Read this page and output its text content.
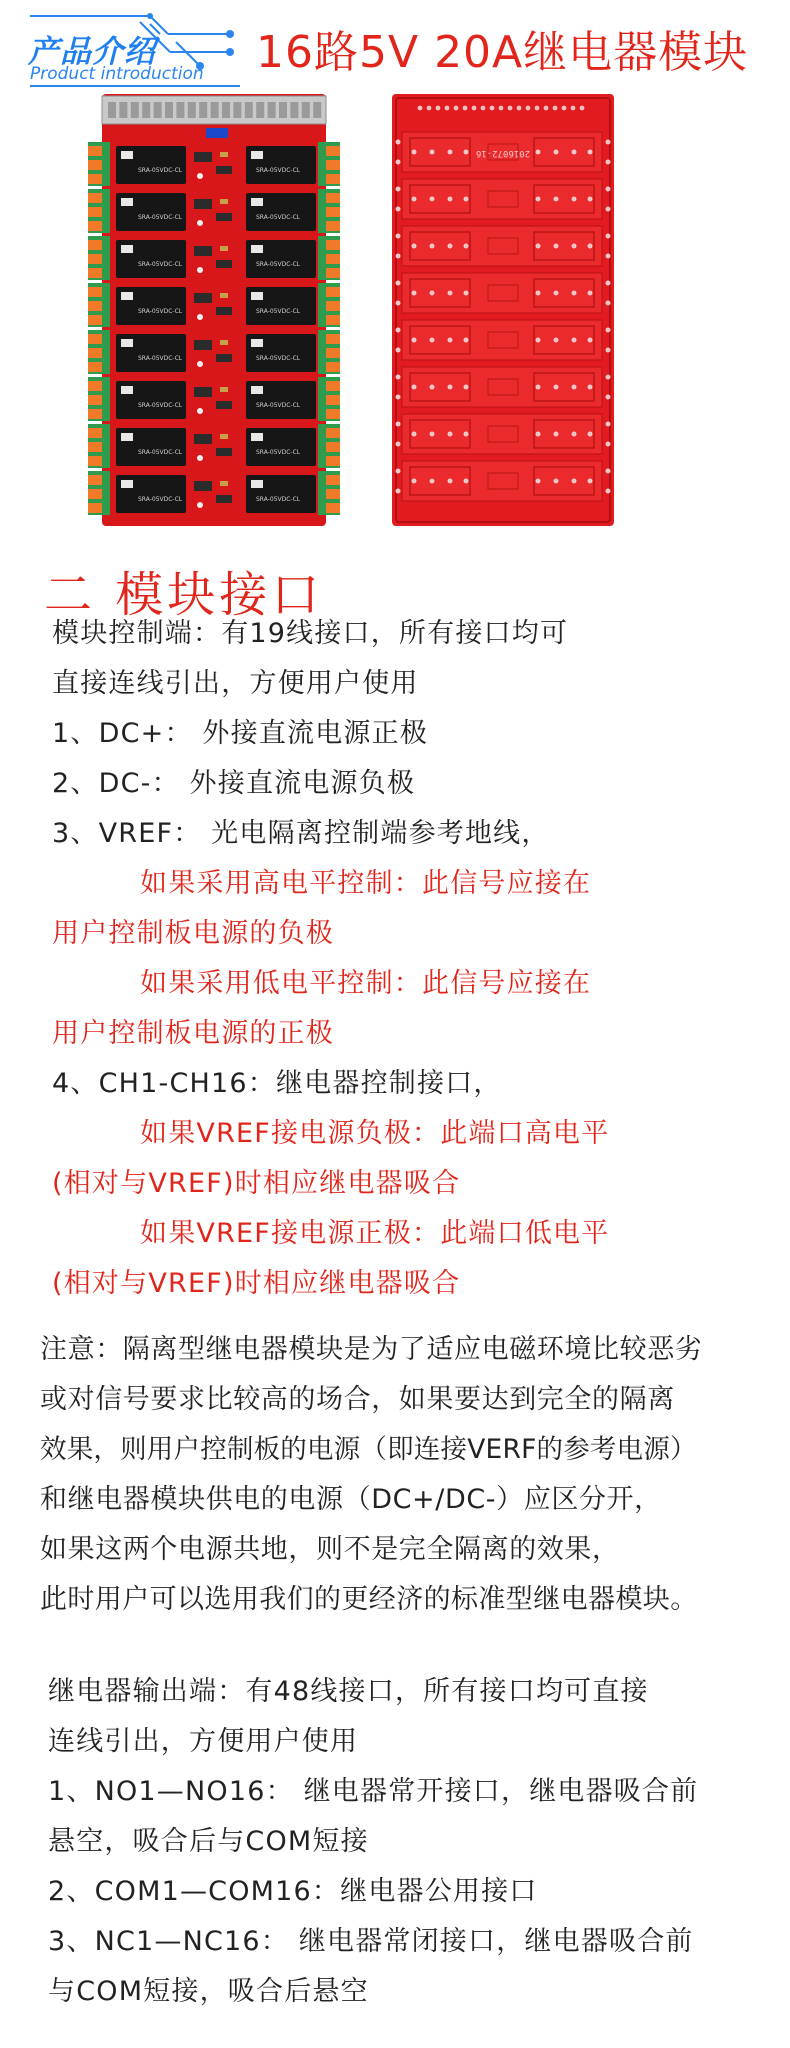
产品介绍
Product introduction 16路5V 20A继电器模块
SRA-05VDC-CL	SRA-05VDC-CL
SRA-05VDC-CL	SRA-05VDC-CL
SRA-05VDC-CL	SRA-05VDC-CL
SRA-05VDC-CL	SRA-05VDC-CL
SRA-05VDC-CL	SRA-05VDC-CL
SRA-05VDC-CL	SRA-05VDC-CL
SRA-05VDC-CL	SRA-05VDC-CL
SRA-05VDC-CL	SRA-05VDC-CL
2016072-16
二 模块接口
模块控制端：有19线接口，所有接口均可
直接连线引出，方便用户使用
1、DC+： 外接直流电源正极
2、DC-： 外接直流电源负极
3、VREF： 光电隔离控制端参考地线，
如果采用高电平控制：此信号应接在
用户控制板电源的负极
如果采用低电平控制：此信号应接在
用户控制板电源的正极
4、CH1-CH16：继电器控制接口，
如果VREF接电源负极：此端口高电平
(相对与VREF)时相应继电器吸合
如果VREF接电源正极：此端口低电平
(相对与VREF)时相应继电器吸合
注意：隔离型继电器模块是为了适应电磁环境比较恶劣
或对信号要求比较高的场合，如果要达到完全的隔离
效果，则用户控制板的电源（即连接VERF的参考电源）
和继电器模块供电的电源（DC+/DC-）应区分开，
如果这两个电源共地，则不是完全隔离的效果，
此时用户可以选用我们的更经济的标准型继电器模块。
继电器输出端：有48线接口，所有接口均可直接
连线引出，方便用户使用
1、NO1—NO16： 继电器常开接口，继电器吸合前
悬空，吸合后与COM短接
2、COM1—COM16：继电器公用接口
3、NC1—NC16： 继电器常闭接口，继电器吸合前
与COM短接，吸合后悬空
